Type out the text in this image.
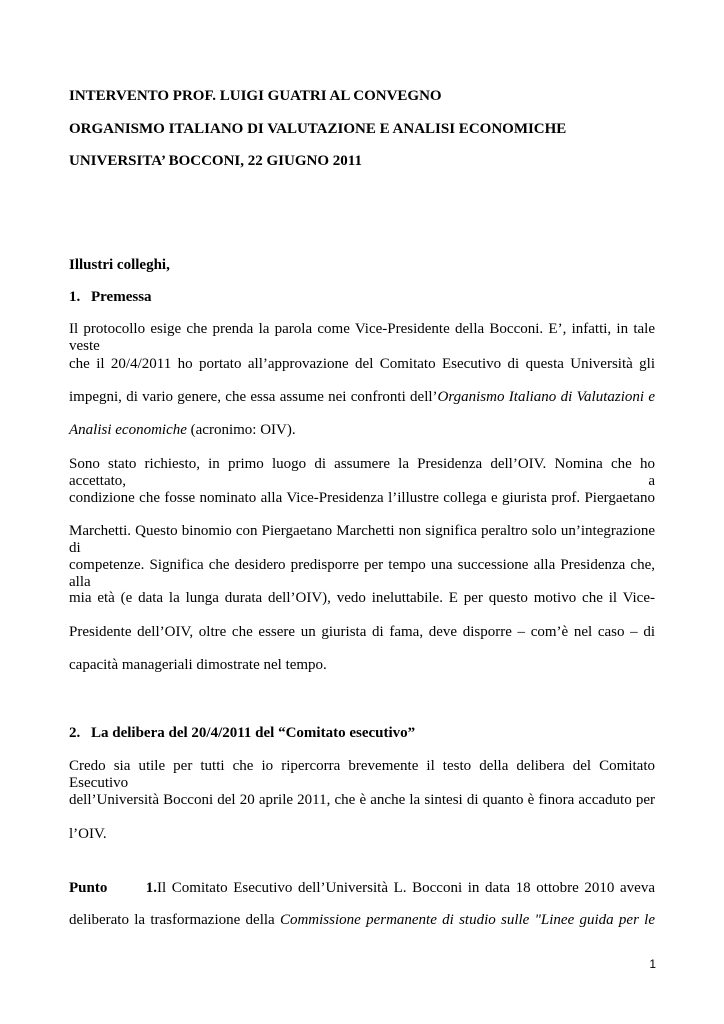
INTERVENTO PROF. LUIGI GUATRI AL CONVEGNO
ORGANISMO ITALIANO DI VALUTAZIONE E ANALISI ECONOMICHE
UNIVERSITA’ BOCCONI, 22 GIUGNO 2011
Illustri colleghi,
1. Premessa
Il protocollo esige che prenda la parola come Vice-Presidente della Bocconi. E’, infatti, in tale veste
che il 20/4/2011 ho portato all’approvazione del Comitato Esecutivo di questa Università gli
impegni, di vario genere, che essa assume nei confronti dell’Organismo Italiano di Valutazioni e
Analisi economiche (acronimo: OIV).
Sono stato richiesto, in primo luogo di assumere la Presidenza dell’OIV. Nomina che ho accettato, a
condizione che fosse nominato alla Vice-Presidenza l’illustre collega e giurista prof. Piergaetano
Marchetti. Questo binomio con Piergaetano Marchetti non significa peraltro solo un’integrazione di
competenze. Significa che desidero predisporre per tempo una successione alla Presidenza che, alla
mia età (e data la lunga durata dell’OIV), vedo ineluttabile. E per questo motivo che il Vice-
Presidente dell’OIV, oltre che essere un giurista di fama, deve disporre – com’è nel caso – di
capacità manageriali dimostrate nel tempo.
2. La delibera del 20/4/2011 del “Comitato esecutivo”
Credo sia utile per tutti che io ripercorra brevemente il testo della delibera del Comitato Esecutivo
dell’Università Bocconi del 20 aprile 2011, che è anche la sintesi di quanto è finora accaduto per
l’OIV.
Punto 1.Il Comitato Esecutivo dell’Università L. Bocconi in data 18 ottobre 2010 aveva
deliberato la trasformazione della Commissione permanente di studio sulle "Linee guida per le
1
